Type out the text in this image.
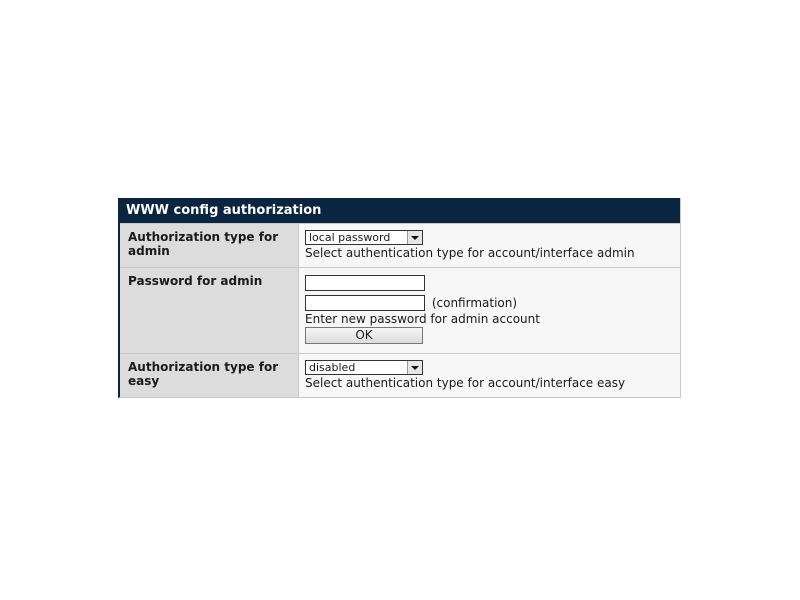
WWW config authorization
Authorization type for admin
local password
Select authentication type for account/interface admin
Password for admin
(confirmation)
Enter new password for admin account
OK
Authorization type for easy
disabled
Select authentication type for account/interface easy
